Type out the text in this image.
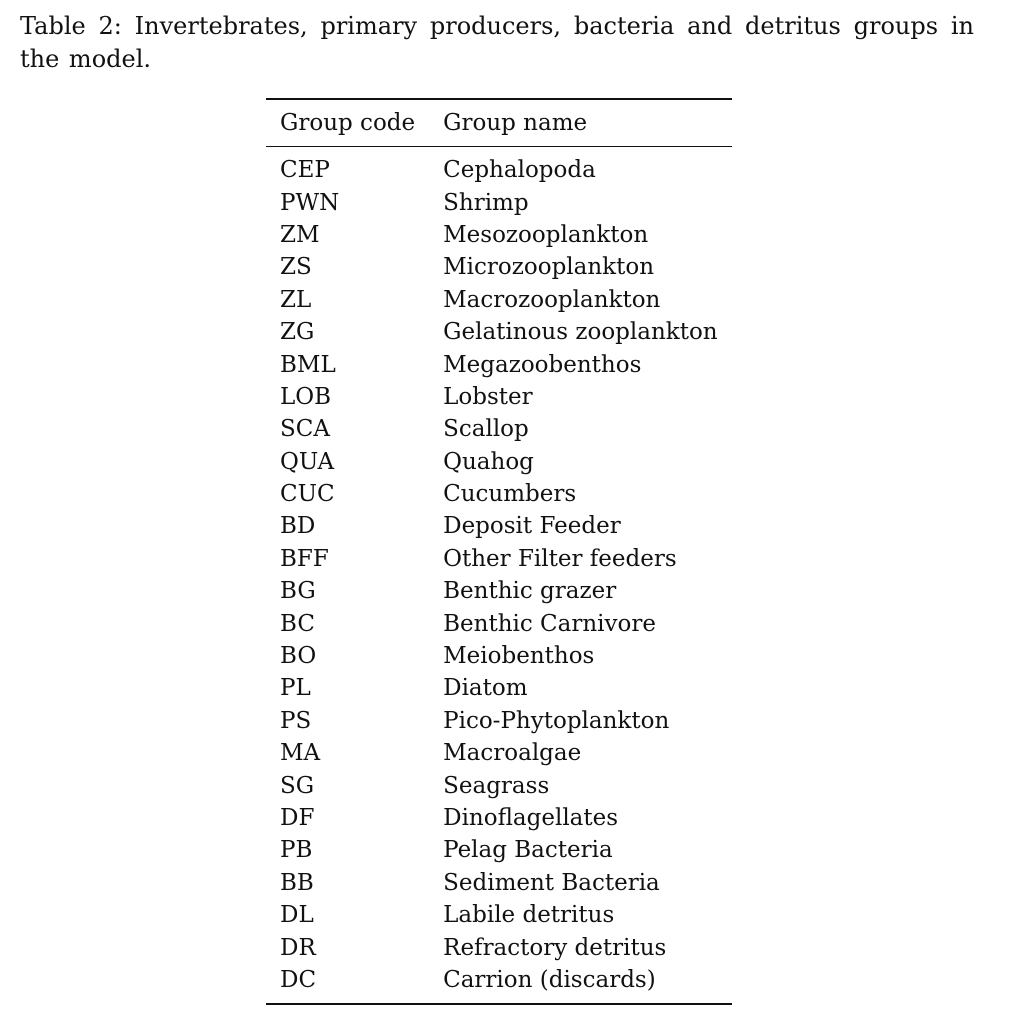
Table 2: Invertebrates, primary producers, bacteria and detritus groups in the model.
Group code	Group name
CEP	Cephalopoda
PWN	Shrimp
ZM	Mesozooplankton
ZS	Microzooplankton
ZL	Macrozooplankton
ZG	Gelatinous zooplankton
BML	Megazoobenthos
LOB	Lobster
SCA	Scallop
QUA	Quahog
CUC	Cucumbers
BD	Deposit Feeder
BFF	Other Filter feeders
BG	Benthic grazer
BC	Benthic Carnivore
BO	Meiobenthos
PL	Diatom
PS	Pico-Phytoplankton
MA	Macroalgae
SG	Seagrass
DF	Dinoflagellates
PB	Pelag Bacteria
BB	Sediment Bacteria
DL	Labile detritus
DR	Refractory detritus
DC	Carrion (discards)
